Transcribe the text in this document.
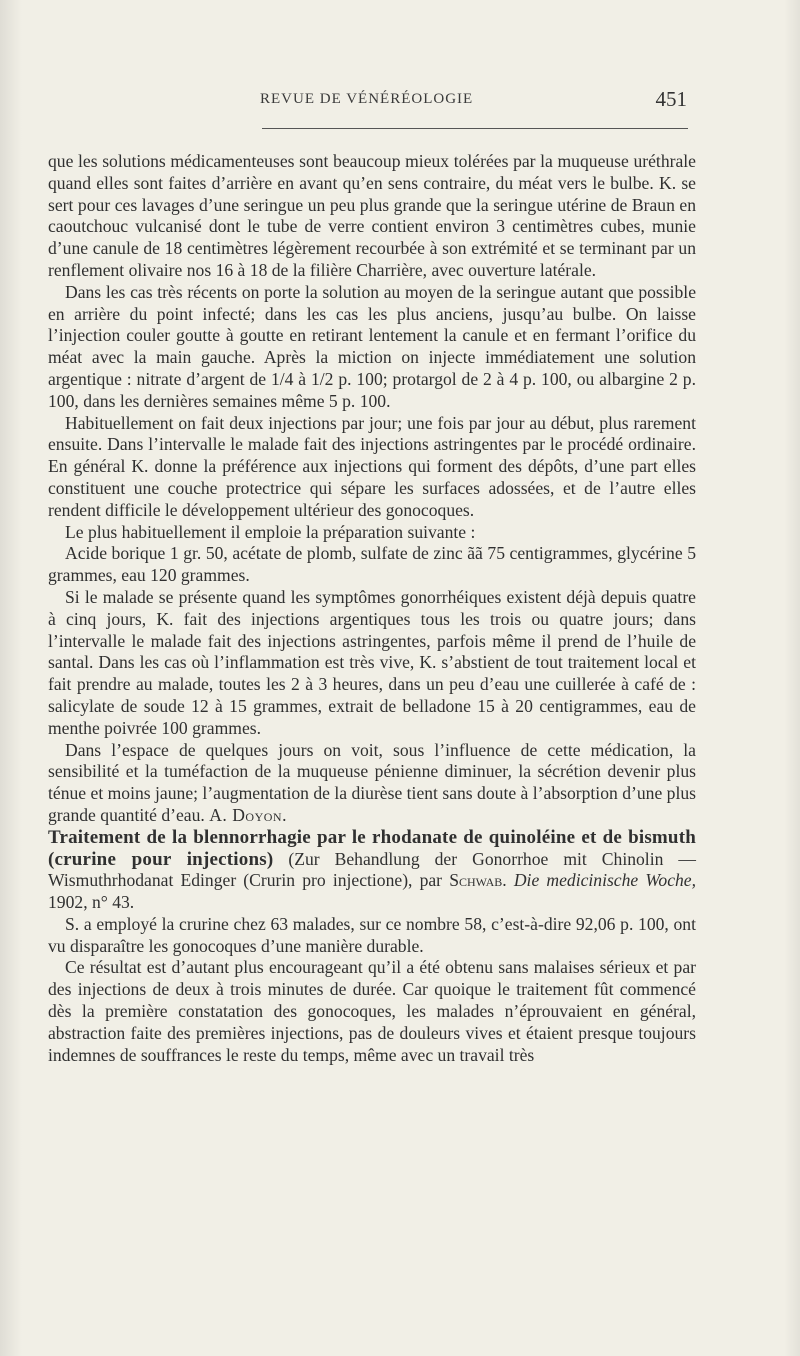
REVUE DE VÉNÉRÉOLOGIE	451

que les solutions médicamenteuses sont beaucoup mieux tolérées par la muqueuse uréthrale quand elles sont faites d’arrière en avant qu’en sens contraire, du méat vers le bulbe. K. se sert pour ces lavages d’une seringue un peu plus grande que la seringue utérine de Braun en caoutchouc vulcanisé dont le tube de verre contient environ 3 centimètres cubes, munie d’une canule de 18 centimètres légèrement recourbée à son extrémité et se terminant par un renflement olivaire nos 16 à 18 de la filière Charrière, avec ouverture latérale.

Dans les cas très récents on porte la solution au moyen de la seringue autant que possible en arrière du point infecté; dans les cas les plus anciens, jusqu’au bulbe. On laisse l’injection couler goutte à goutte en retirant lentement la canule et en fermant l’orifice du méat avec la main gauche. Après la miction on injecte immédiatement une solution argentique : nitrate d’argent de 1/4 à 1/2 p. 100; protargol de 2 à 4 p. 100, ou albargine 2 p. 100, dans les dernières semaines même 5 p. 100.

Habituellement on fait deux injections par jour; une fois par jour au début, plus rarement ensuite. Dans l’intervalle le malade fait des injections astringentes par le procédé ordinaire. En général K. donne la préférence aux injections qui forment des dépôts, d’une part elles constituent une couche protectrice qui sépare les surfaces adossées, et de l’autre elles rendent difficile le développement ultérieur des gonocoques.

Le plus habituellement il emploie la préparation suivante :

Acide borique 1 gr. 50, acétate de plomb, sulfate de zinc ãã 75 centigrammes, glycérine 5 grammes, eau 120 grammes.

Si le malade se présente quand les symptômes gonorrhéiques existent déjà depuis quatre à cinq jours, K. fait des injections argentiques tous les trois ou quatre jours; dans l’intervalle le malade fait des injections astringentes, parfois même il prend de l’huile de santal. Dans les cas où l’inflammation est très vive, K. s’abstient de tout traitement local et fait prendre au malade, toutes les 2 à 3 heures, dans un peu d’eau une cuillerée à café de : salicylate de soude 12 à 15 grammes, extrait de belladone 15 à 20 centigrammes, eau de menthe poivrée 100 grammes.

Dans l’espace de quelques jours on voit, sous l’influence de cette médication, la sensibilité et la tuméfaction de la muqueuse pénienne diminuer, la sécrétion devenir plus ténue et moins jaune; l’augmentation de la diurèse tient sans doute à l’absorption d’une plus grande quantité d’eau. A. Doyon.

Traitement de la blennorrhagie par le rhodanate de quinoléine et de bismuth (crurine pour injections) (Zur Behandlung der Gonorrhoe mit Chinolin — Wismuthrhodanat Edinger (Crurin pro injectione), par Schwab. Die medicinische Woche, 1902, n° 43.

S. a employé la crurine chez 63 malades, sur ce nombre 58, c’est-à-dire 92,06 p. 100, ont vu disparaître les gonocoques d’une manière durable.

Ce résultat est d’autant plus encourageant qu’il a été obtenu sans malaises sérieux et par des injections de deux à trois minutes de durée. Car quoique le traitement fût commencé dès la première constatation des gonocoques, les malades n’éprouvaient en général, abstraction faite des premières injections, pas de douleurs vives et étaient presque toujours indemnes de souffrances le reste du temps, même avec un travail très
